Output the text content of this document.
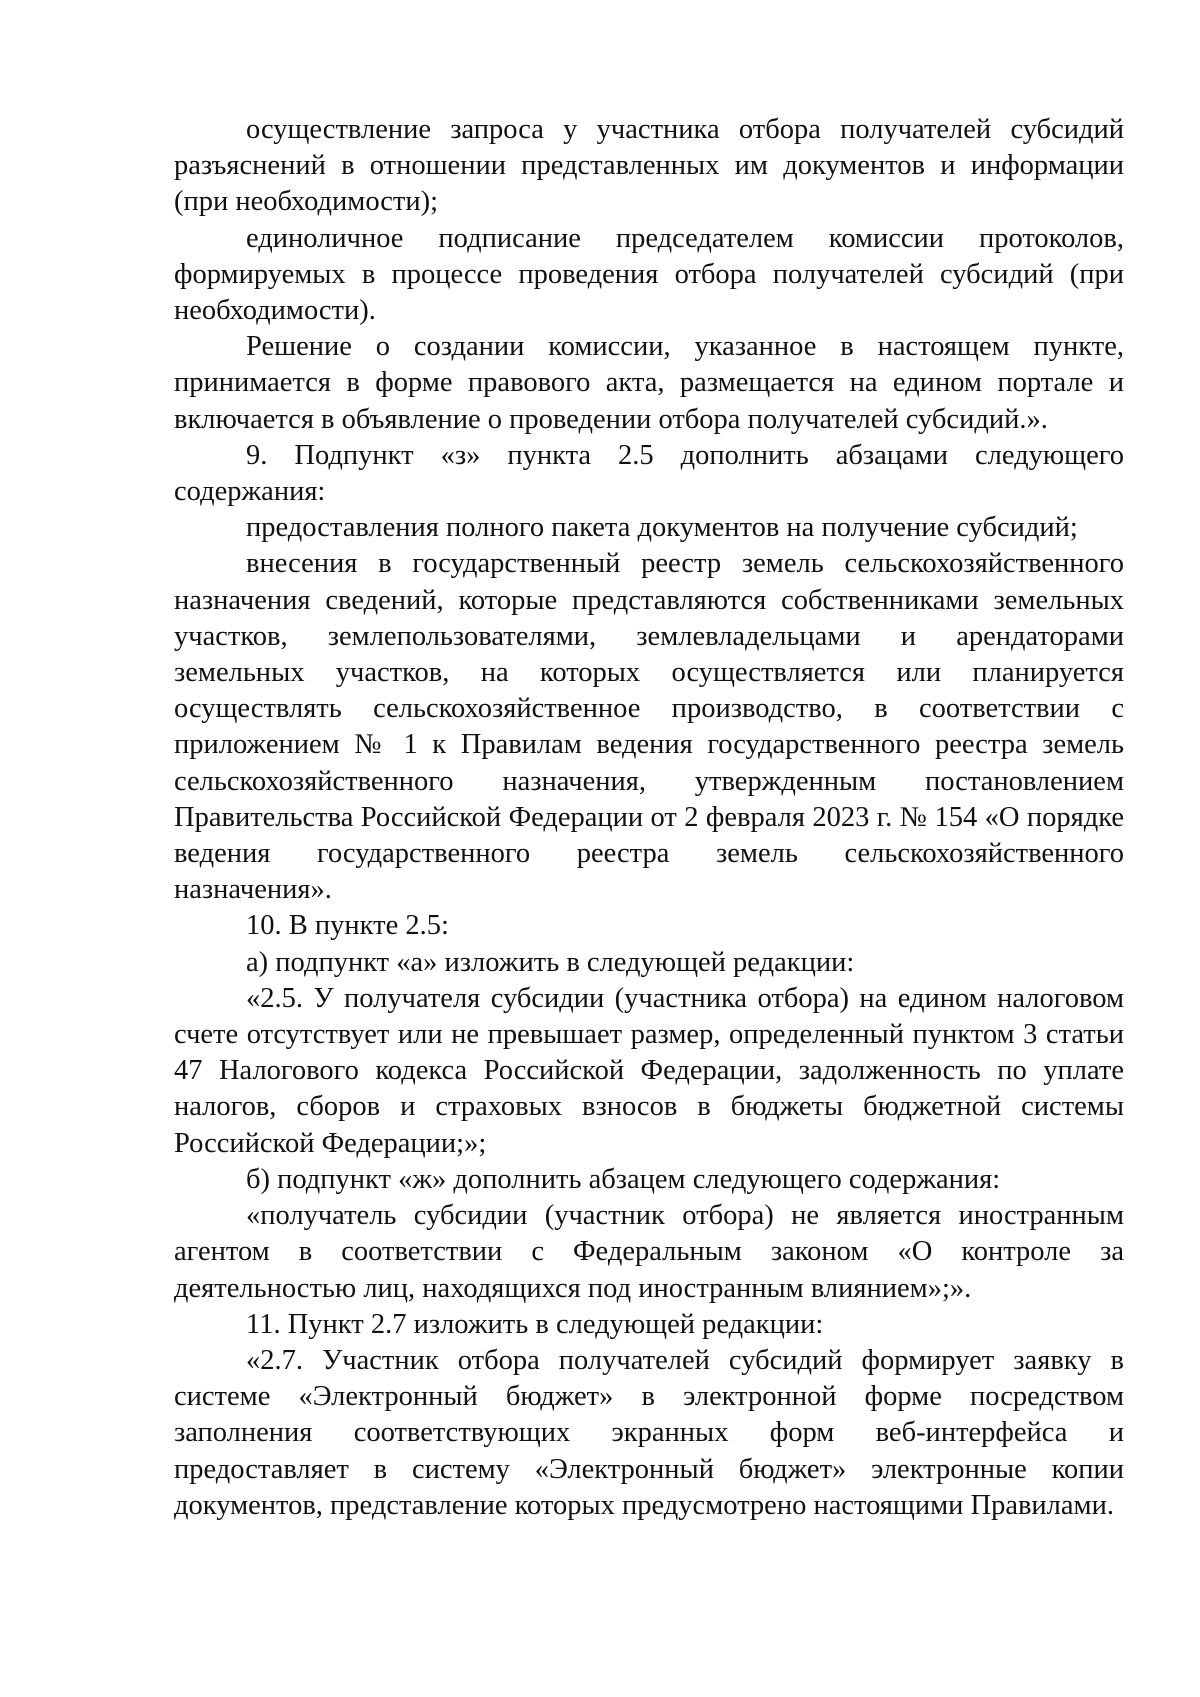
осуществление запроса у участника отбора получателей субсидий разъяснений в отношении представленных им документов и информации (при необходимости);

единоличное подписание председателем комиссии протоколов, формируемых в процессе проведения отбора получателей субсидий (при необходимости).

Решение о создании комиссии, указанное в настоящем пункте, принимается в форме правового акта, размещается на едином портале и включается в объявление о проведении отбора получателей субсидий.».

9. Подпункт «з» пункта 2.5 дополнить абзацами следующего содержания:

предоставления полного пакета документов на получение субсидий;

внесения в государственный реестр земель сельскохозяйственного назначения сведений, которые представляются собственниками земельных участков, землепользователями, землевладельцами и арендаторами земельных участков, на которых осуществляется или планируется осуществлять сельскохозяйственное производство, в соответствии с приложением № 1 к Правилам ведения государственного реестра земель сельскохозяйственного назначения, утвержденным постановлением Правительства Российской Федерации от 2 февраля 2023 г. № 154 «О порядке ведения государственного реестра земель сельскохозяйственного назначения».

10. В пункте 2.5:

а) подпункт «а» изложить в следующей редакции:

«2.5. У получателя субсидии (участника отбора) на едином налоговом счете отсутствует или не превышает размер, определенный пунктом 3 статьи 47 Налогового кодекса Российской Федерации, задолженность по уплате налогов, сборов и страховых взносов в бюджеты бюджетной системы Российской Федерации;»;

б) подпункт «ж» дополнить абзацем следующего содержания:

«получатель субсидии (участник отбора) не является иностранным агентом в соответствии с Федеральным законом «О контроле за деятельностью лиц, находящихся под иностранным влиянием»;».

11. Пункт 2.7 изложить в следующей редакции:

«2.7. Участник отбора получателей субсидий формирует заявку в системе «Электронный бюджет» в электронной форме посредством заполнения соответствующих экранных форм веб-интерфейса и предоставляет в систему «Электронный бюджет» электронные копии документов, представление которых предусмотрено настоящими Правилами.
